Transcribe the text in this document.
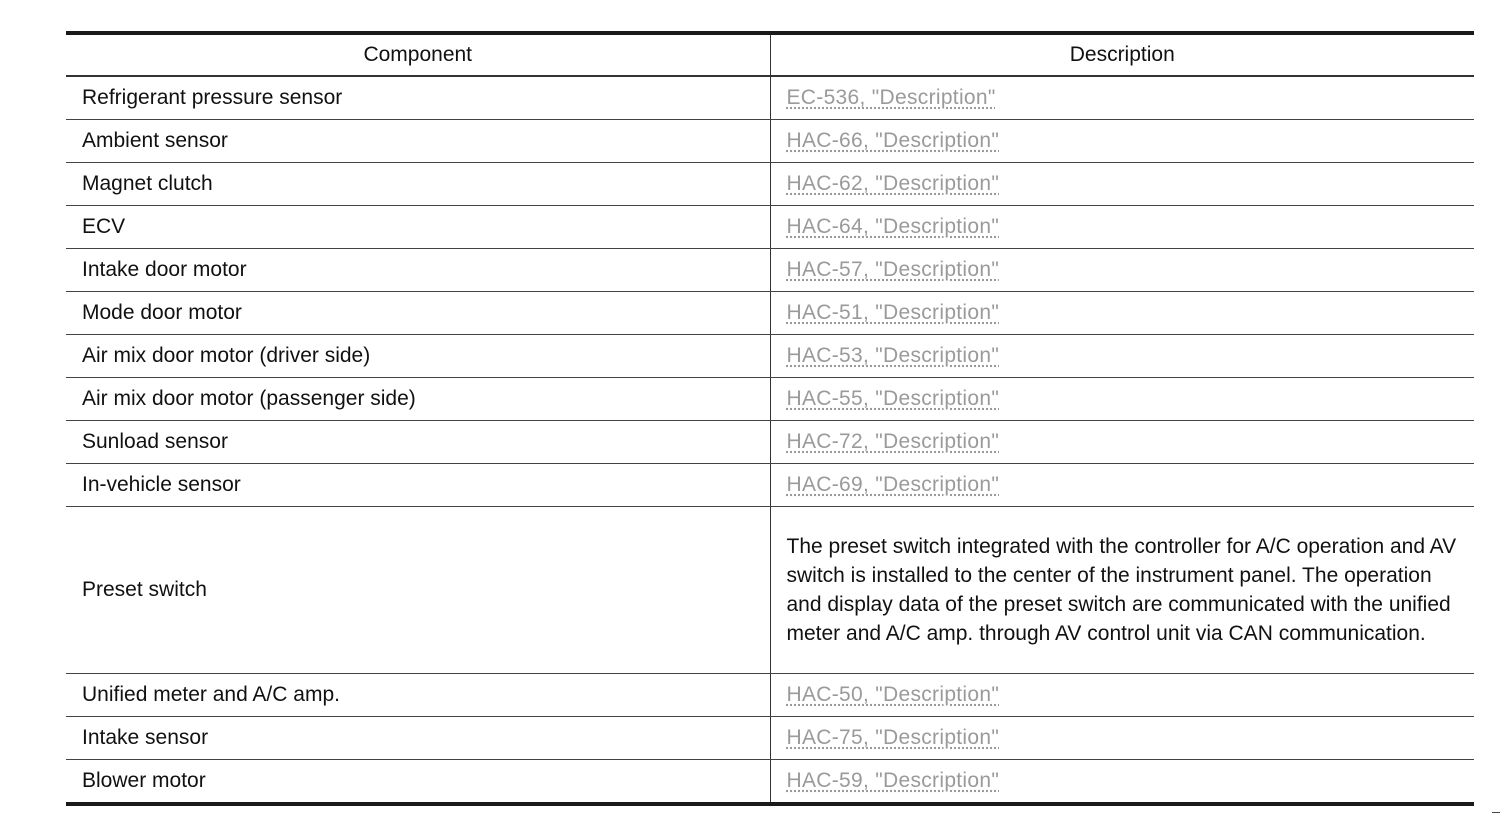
Component	Description
Refrigerant pressure sensor	EC-536, "Description"
Ambient sensor	HAC-66, "Description"
Magnet clutch	HAC-62, "Description"
ECV	HAC-64, "Description"
Intake door motor	HAC-57, "Description"
Mode door motor	HAC-51, "Description"
Air mix door motor (driver side)	HAC-53, "Description"
Air mix door motor (passenger side)	HAC-55, "Description"
Sunload sensor	HAC-72, "Description"
In-vehicle sensor	HAC-69, "Description"
Preset switch	The preset switch integrated with the controller for A/C operation and AV switch is installed to the center of the instrument panel. The operation and display data of the preset switch are communicated with the unified meter and A/C amp. through AV control unit via CAN communication.
Unified meter and A/C amp.	HAC-50, "Description"
Intake sensor	HAC-75, "Description"
Blower motor	HAC-59, "Description"
